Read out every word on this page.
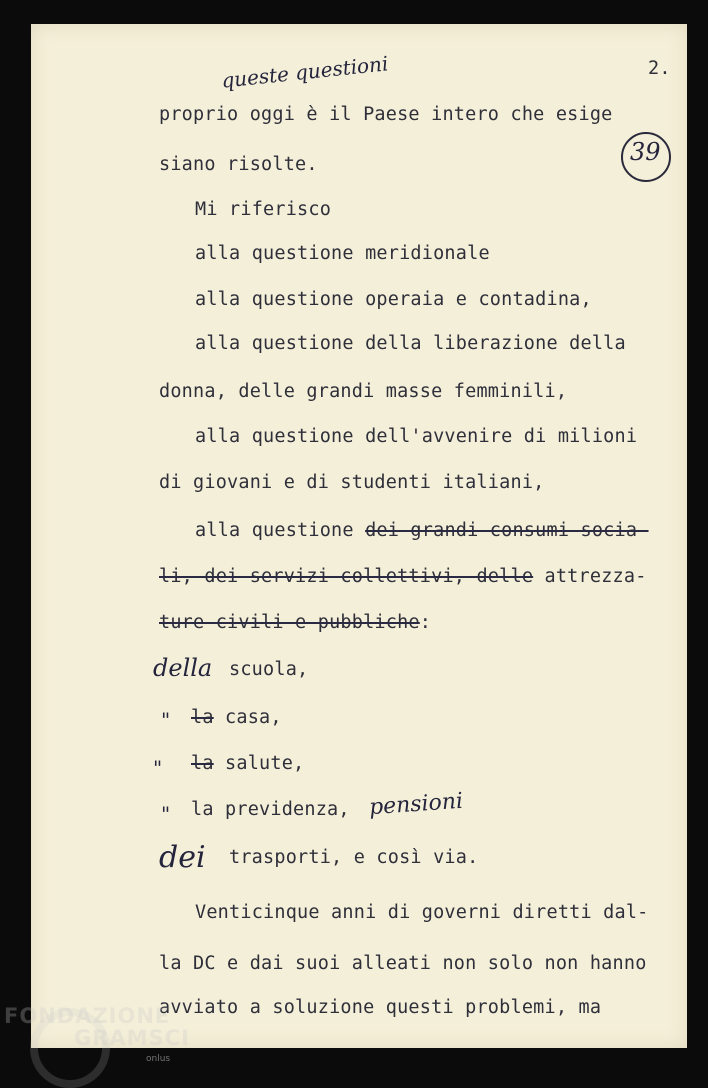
queste questioni	2.
39
proprio oggi è il Paese intero che esige
siano risolte.
Mi riferisco
alla questione meridionale
alla questione operaia e contadina,
alla questione della liberazione della
donna, delle grandi masse femminili,
alla questione dell'avvenire di milioni
di giovani e di studenti italiani,
alla questione dei grandi consumi socia-
li, dei servizi collettivi, delle attrezza-
ture civili e pubbliche:
della scuola,
" la casa,
" la salute,
" la previdenza, pensioni
dei trasporti, e così via.
Venticinque anni di governi diretti dal-
la DC e dai suoi alleati non solo non hanno
avviato a soluzione questi problemi, ma
FONDAZIONE
GRAMSCI
onlus
